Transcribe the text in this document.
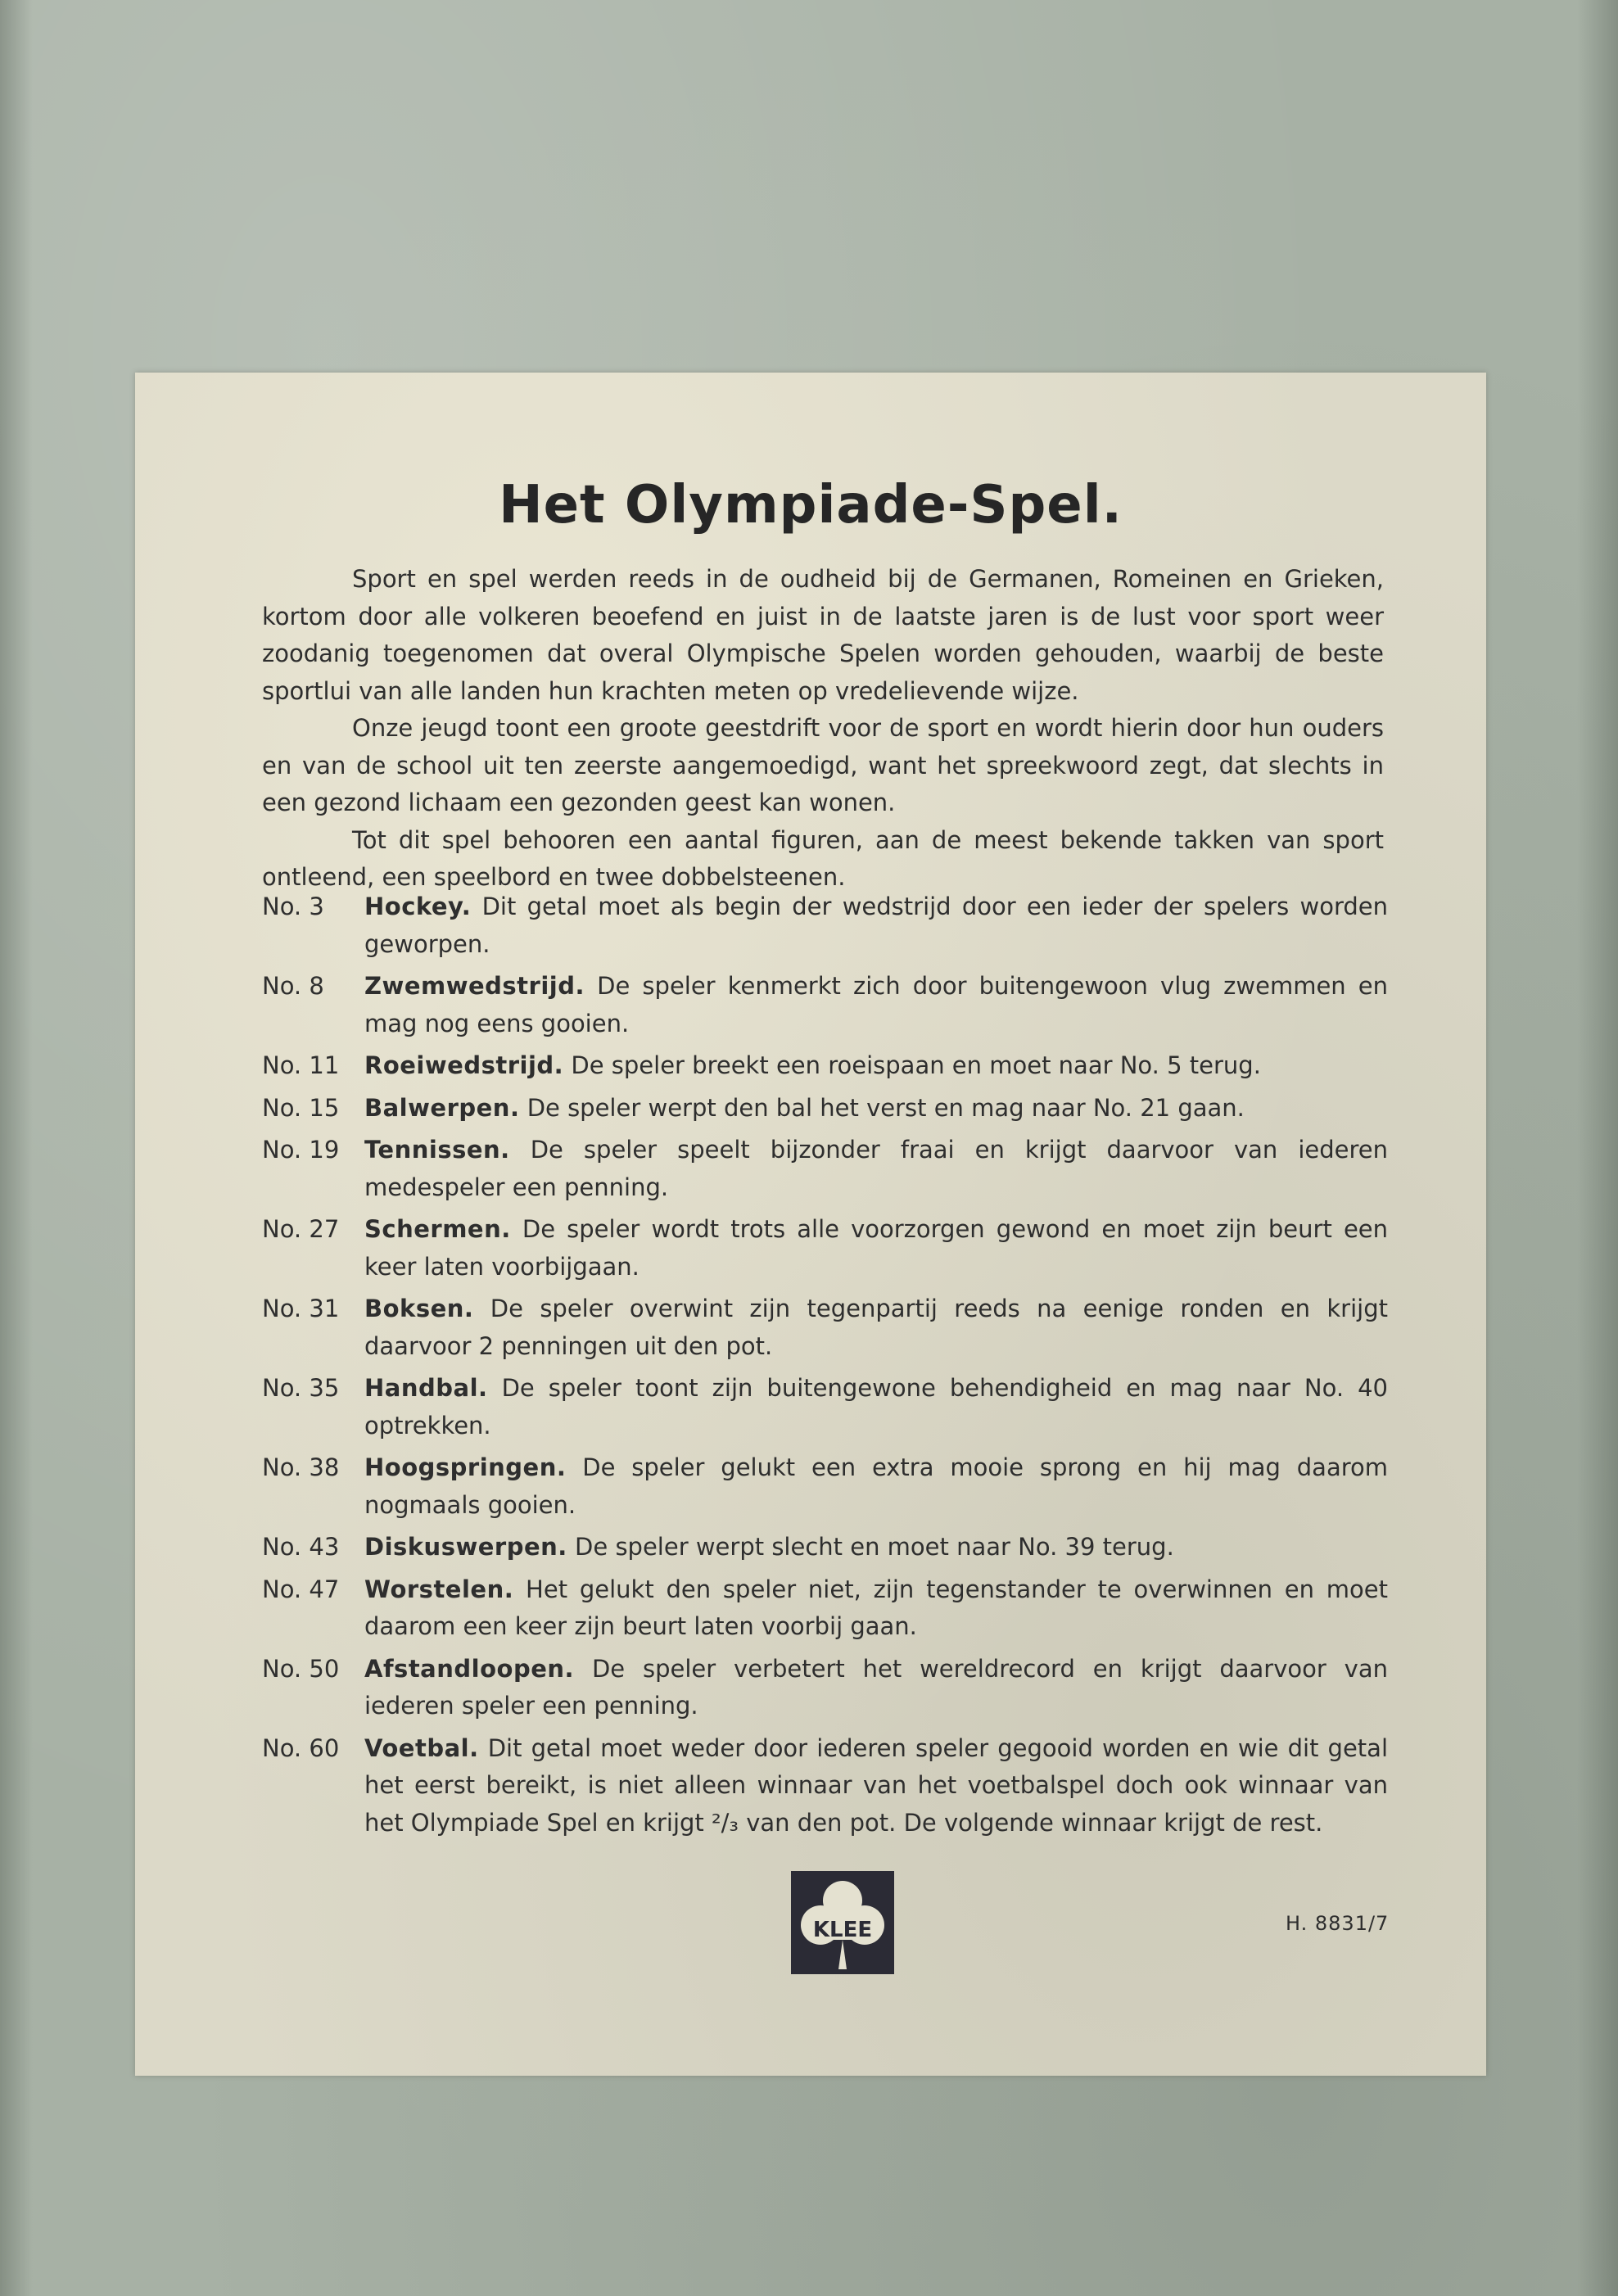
Het Olympiade-Spel.

Sport en spel werden reeds in de oudheid bij de Germanen, Romeinen en Grieken, kortom door alle volkeren beoefend en juist in de laatste jaren is de lust voor sport weer zoodanig toegenomen dat overal Olympische Spelen worden gehouden, waarbij de beste sportlui van alle landen hun krachten meten op vredelievende wijze.

Onze jeugd toont een groote geestdrift voor de sport en wordt hierin door hun ouders en van de school uit ten zeerste aangemoedigd, want het spreekwoord zegt, dat slechts in een gezond lichaam een gezonden geest kan wonen.

Tot dit spel behooren een aantal figuren, aan de meest bekende takken van sport ontleend, een speelbord en twee dobbelsteenen.

No. 3	Hockey. Dit getal moet als begin der wedstrijd door een ieder der spelers worden geworpen.
No. 8	Zwemwedstrijd. De speler kenmerkt zich door buitengewoon vlug zwemmen en mag nog eens gooien.
No. 11	Roeiwedstrijd. De speler breekt een roeispaan en moet naar No. 5 terug.
No. 15	Balwerpen. De speler werpt den bal het verst en mag naar No. 21 gaan.
No. 19	Tennissen. De speler speelt bijzonder fraai en krijgt daarvoor van iederen medespeler een penning.
No. 27	Schermen. De speler wordt trots alle voorzorgen gewond en moet zijn beurt een keer laten voorbijgaan.
No. 31	Boksen. De speler overwint zijn tegenpartij reeds na eenige ronden en krijgt daarvoor 2 penningen uit den pot.
No. 35	Handbal. De speler toont zijn buitengewone behendigheid en mag naar No. 40 optrekken.
No. 38	Hoogspringen. De speler gelukt een extra mooie sprong en hij mag daarom nogmaals gooien.
No. 43	Diskuswerpen. De speler werpt slecht en moet naar No. 39 terug.
No. 47	Worstelen. Het gelukt den speler niet, zijn tegenstander te overwinnen en moet daarom een keer zijn beurt laten voorbij gaan.
No. 50	Afstandloopen. De speler verbetert het wereldrecord en krijgt daarvoor van iederen speler een penning.
No. 60	Voetbal. Dit getal moet weder door iederen speler gegooid worden en wie dit getal het eerst bereikt, is niet alleen winnaar van het voetbalspel doch ook winnaar van het Olympiade Spel en krijgt ²/₃ van den pot. De volgende winnaar krijgt de rest.
KLEE	H. 8831/7
